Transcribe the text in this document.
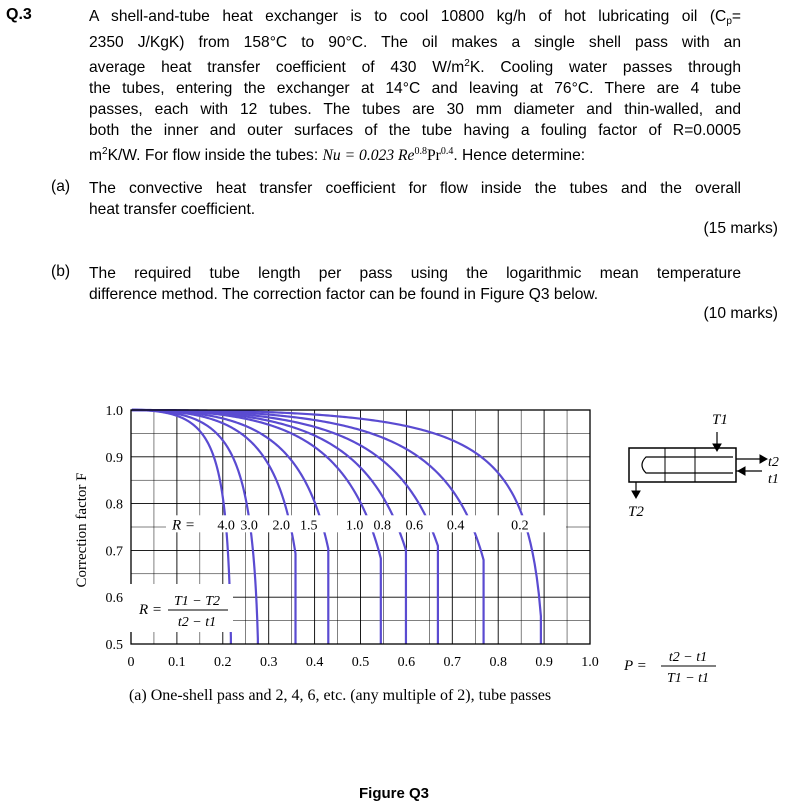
Q.3	A shell-and-tube heat exchanger is to cool 10800 kg/h of hot lubricating oil ($C_p=$
2350 J/KgK) from 158°C to 90°C. The oil makes a single shell pass with an
average heat transfer coefficient of 430 $W/m^2K$. Cooling water passes through
the tubes, entering the exchanger at 14°C and leaving at 76°C. There are 4 tube
passes, each with 12 tubes. The tubes are 30 mm diameter and thin-walled, and
both the inner and outer surfaces of the tube having a fouling factor of R=0.0005
$m^2K/W$. For flow inside the tubes: Nu = 0.023 $Re^{0.8}Pr^{0.4}$. Hence determine:
(a) The convective heat transfer coefficient for flow inside the tubes and the overall
heat transfer coefficient.
(15 marks)
(b) The required tube length per pass using the logarithmic mean temperature
difference method. The correction factor can be found in Figure Q3 below.
(10 marks)
R = 4.0 3.0 2.0 1.5 1.0 0.8 0.6 0.4	0.2
0 0.1 0.2 0.3 0.4 0.5 0.6 0.7 0.8 0.9 1.0
1.0
0.9
0.8
0.7
0.6
0.5
Correction factor F
R =
T1 − T2
t2 − t1
(a) One-shell pass and 2, 4, 6, etc. (any multiple of 2), tube passes
P =
t2 − t1
T1 − t1
T1
T2
t2
t1
Figure Q3
